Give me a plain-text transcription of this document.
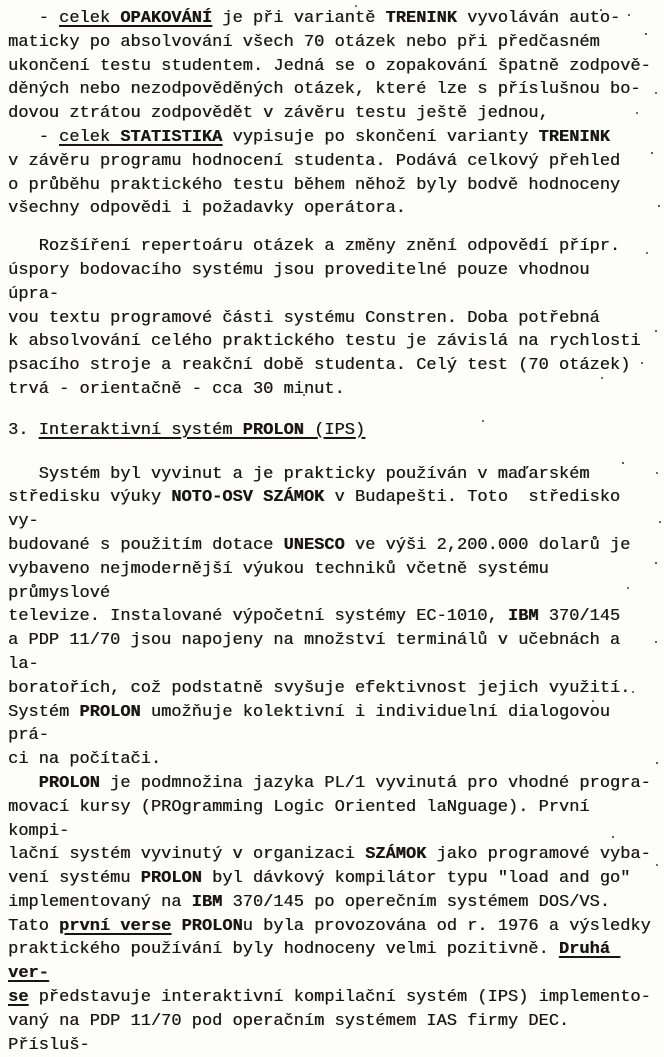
- celek OPAKOVÁNÍ je při variantě TRENINK vyvoláván auto-
maticky po absolvování všech 70 otázek nebo při předčasném
ukončení testu studentem. Jedná se o zopakování špatně zodpově-
děných nebo nezodpověděných otázek, které lze s příslušnou bo-
dovou ztrátou zodpovědět v závěru testu ještě jednou,
- celek STATISTIKA vypisuje po skončení varianty TRENINK
v závěru programu hodnocení studenta. Podává celkový přehled
o průběhu praktického testu během něhož byly bodvě hodnoceny
všechny odpovědi i požadavky operátora.
Rozšíření repertoáru otázek a změny znění odpovědí přípr.
úspory bodovacího systému jsou proveditelné pouze vhodnou  úpra-
vou textu programové části systému Constren. Doba potřebná
k absolvování celého praktického testu je závislá na rychlosti
psacího stroje a reakční době studenta. Celý test (70 otázek)
trvá - orientačně - cca 30 minut.
3. Interaktivní systém PROLON (IPS)
Systém byl vyvinut a je prakticky používán v maďarském
středisku výuky NOTO-OSV SZÁMOK v Budapešti. Toto  středisko vy-
budované s použitím dotace UNESCO ve výši 2,200.000 dolarů je
vybaveno nejmodernější výukou techniků včetně systému průmyslové
televize. Instalované výpočetní systémy EC-1010, IBM 370/145
a PDP 11/70 jsou napojeny na množství terminálů v učebnách a la-
boratořích, což podstatně svyšuje efektivnost jejich využití.
Systém PROLON umožňuje kolektivní i individuelní dialogovou prá-
ci na počítači.
PROLON je podmnožina jazyka PL/1 vyvinutá pro vhodné progra-
movací kursy (PROgramming Logic Oriented laNguage). První kompi-
lační systém vyvinutý v organizaci SZÁMOK jako programové vyba-
vení systému PROLON byl dávkový kompilátor typu "load and go"
implementovaný na IBM 370/145 po operečním systémem DOS/VS.
Tato první verse PROLONu byla provozována od r. 1976 a výsledky
praktického používání byly hodnoceny velmi pozitivně. Druhá ver-
se představuje interaktivní kompilační systém (IPS) implemento-
vaný na PDP 11/70 pod operačním systémem IAS firmy DEC. Přísluš-
